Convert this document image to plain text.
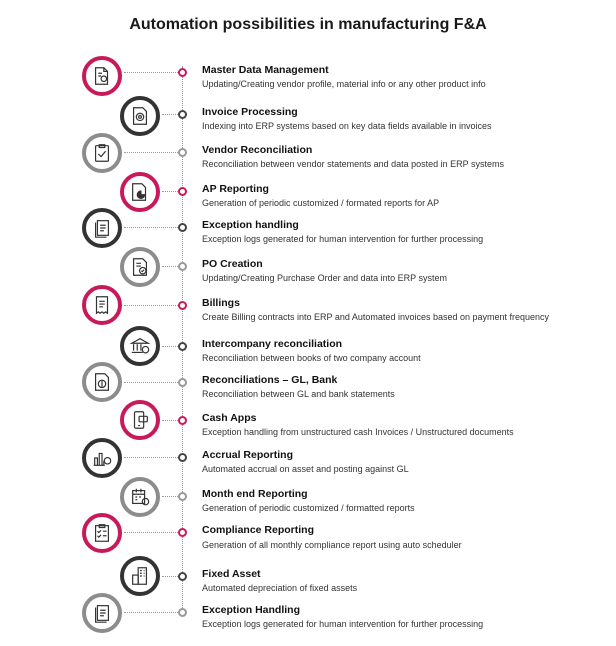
Automation possibilities in manufacturing F&A
Master Data Management
Updating/Creating vendor profile, material info or any other product info
Invoice Processing
Indexing into ERP systems based on key data fields available in invoices
Vendor Reconciliation
Reconciliation between vendor statements and data posted in ERP systems
AP Reporting
Generation of periodic customized / formated reports for AP
Exception handling
Exception logs generated for human intervention for further processing
PO Creation
Updating/Creating Purchase Order and data into ERP system
Billings
Create Billing contracts into ERP and Automated invoices based on payment frequency
Intercompany reconciliation
Reconciliation between books of two company account
Reconciliations – GL, Bank
Reconciliation between GL and bank statements
Cash Apps
Exception handling from unstructured cash Invoices / Unstructured documents
Accrual Reporting
Automated accrual on asset and posting against GL
Month end Reporting
Generation of periodic customized / formatted reports
Compliance Reporting
Generation of all monthly compliance report using auto scheduler
Fixed Asset
Automated depreciation of fixed assets
Exception Handling
Exception logs generated for human intervention for further processing
